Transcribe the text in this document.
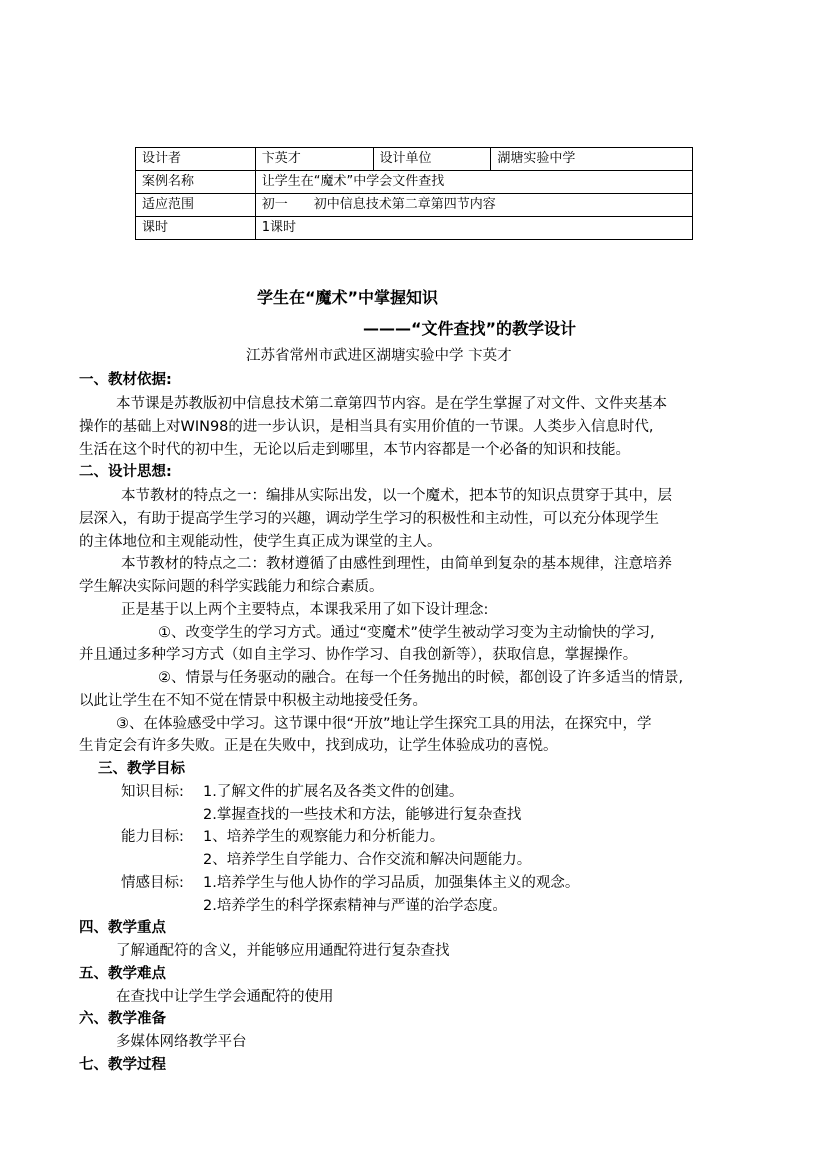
设计者	卞英才	设计单位	湖塘实验中学
案例名称	让学生在“魔术”中学会文件查找		
适应范围	初一 初中信息技术第二章第四节内容		
课时	1课时		
学生在“魔术”中掌握知识
———“文件查找”的教学设计
江苏省常州市武进区湖塘实验中学 卞英才
一、教材依据:
本节课是苏教版初中信息技术第二章第四节内容。是在学生掌握了对文件、文件夹基本
操作的基础上对WIN98的进一步认识，是相当具有实用价值的一节课。人类步入信息时代,
生活在这个时代的初中生，无论以后走到哪里，本节内容都是一个必备的知识和技能。
二、设计思想:
本节教材的特点之一：编排从实际出发，以一个魔术，把本节的知识点贯穿于其中，层
层深入，有助于提高学生学习的兴趣，调动学生学习的积极性和主动性，可以充分体现学生
的主体地位和主观能动性，使学生真正成为课堂的主人。
本节教材的特点之二：教材遵循了由感性到理性，由简单到复杂的基本规律，注意培养
学生解决实际问题的科学实践能力和综合素质。
正是基于以上两个主要特点，本课我采用了如下设计理念:
①、改变学生的学习方式。通过“变魔术”使学生被动学习变为主动愉快的学习,
并且通过多种学习方式（如自主学习、协作学习、自我创新等），获取信息，掌握操作。
②、情景与任务驱动的融合。在每一个任务抛出的时候，都创设了许多适当的情景,
以此让学生在不知不觉在情景中积极主动地接受任务。
③、在体验感受中学习。这节课中很“开放”地让学生探究工具的用法，在探究中，学
生肯定会有许多失败。正是在失败中，找到成功，让学生体验成功的喜悦。
三、教学目标
知识目标: 1.了解文件的扩展名及各类文件的创建。
2.掌握查找的一些技术和方法，能够进行复杂查找
能力目标: 1、培养学生的观察能力和分析能力。
2、培养学生自学能力、合作交流和解决问题能力。
情感目标: 1.培养学生与他人协作的学习品质，加强集体主义的观念。
2.培养学生的科学探索精神与严谨的治学态度。
四、教学重点
了解通配符的含义，并能够应用通配符进行复杂查找
五、教学难点
在查找中让学生学会通配符的使用
六、教学准备
多媒体网络教学平台
七、教学过程
